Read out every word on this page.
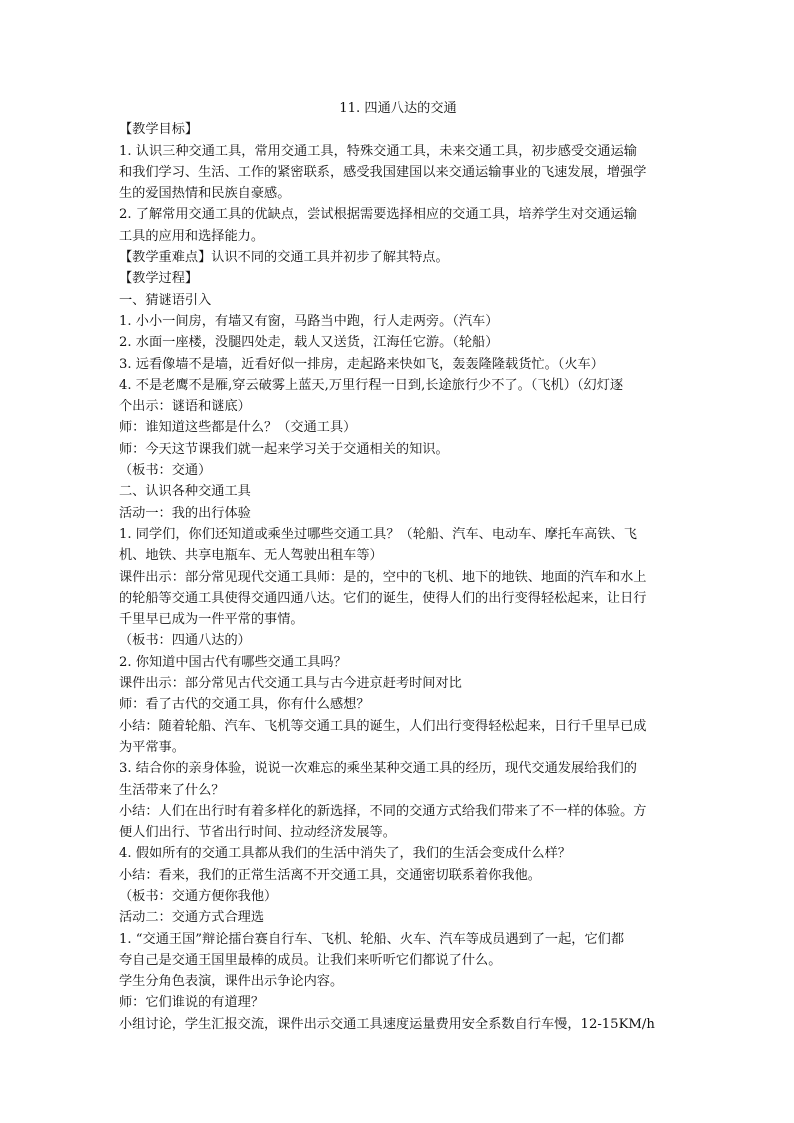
11. 四通八达的交通

【教学目标】

1. 认识三种交通工具，常用交通工具，特殊交通工具，未来交通工具，初步感受交通运输

和我们学习、生活、工作的紧密联系，感受我国建国以来交通运输事业的飞速发展，增强学

生的爱国热情和民族自豪感。

2. 了解常用交通工具的优缺点，尝试根据需要选择相应的交通工具，培养学生对交通运输

工具的应用和选择能力。

【教学重难点】认识不同的交通工具并初步了解其特点。

【教学过程】

一、猜谜语引入

1. 小小一间房，有墙又有窗，马路当中跑，行人走两旁。（汽车）

2. 水面一座楼，没腿四处走，载人又送货，江海任它游。（轮船）

3. 远看像墙不是墙，近看好似一排房，走起路来快如飞，轰轰隆隆载货忙。（火车）

4. 不是老鹰不是雁,穿云破雾上蓝天,万里行程一日到,长途旅行少不了。（飞机）（幻灯逐

个出示：谜语和谜底）

师：谁知道这些都是什么？（交通工具）

师：今天这节课我们就一起来学习关于交通相关的知识。

（板书：交通）

二、认识各种交通工具

活动一：我的出行体验

1. 同学们，你们还知道或乘坐过哪些交通工具？（轮船、汽车、电动车、摩托车高铁、飞

机、地铁、共享电瓶车、无人驾驶出租车等）

课件出示：部分常见现代交通工具师：是的，空中的飞机、地下的地铁、地面的汽车和水上

的轮船等交通工具使得交通四通八达。它们的诞生，使得人们的出行变得轻松起来，让日行

千里早已成为一件平常的事情。

（板书：四通八达的）

2. 你知道中国古代有哪些交通工具吗？

课件出示：部分常见古代交通工具与古今进京赶考时间对比

师：看了古代的交通工具，你有什么感想？

小结：随着轮船、汽车、飞机等交通工具的诞生，人们出行变得轻松起来，日行千里早已成

为平常事。

3. 结合你的亲身体验，说说一次难忘的乘坐某种交通工具的经历，现代交通发展给我们的

生活带来了什么？

小结：人们在出行时有着多样化的新选择，不同的交通方式给我们带来了不一样的体验。方

便人们出行、节省出行时间、拉动经济发展等。

4. 假如所有的交通工具都从我们的生活中消失了，我们的生活会变成什么样？

小结：看来，我们的正常生活离不开交通工具，交通密切联系着你我他。

（板书：交通方便你我他）

活动二：交通方式合理选

1. “交通王国”辩论擂台赛自行车、飞机、轮船、火车、汽车等成员遇到了一起，它们都

夸自己是交通王国里最棒的成员。让我们来听听它们都说了什么。

学生分角色表演，课件出示争论内容。

师：它们谁说的有道理？

小组讨论，学生汇报交流，课件出示交通工具速度运量费用安全系数自行车慢，12-15KM/h
